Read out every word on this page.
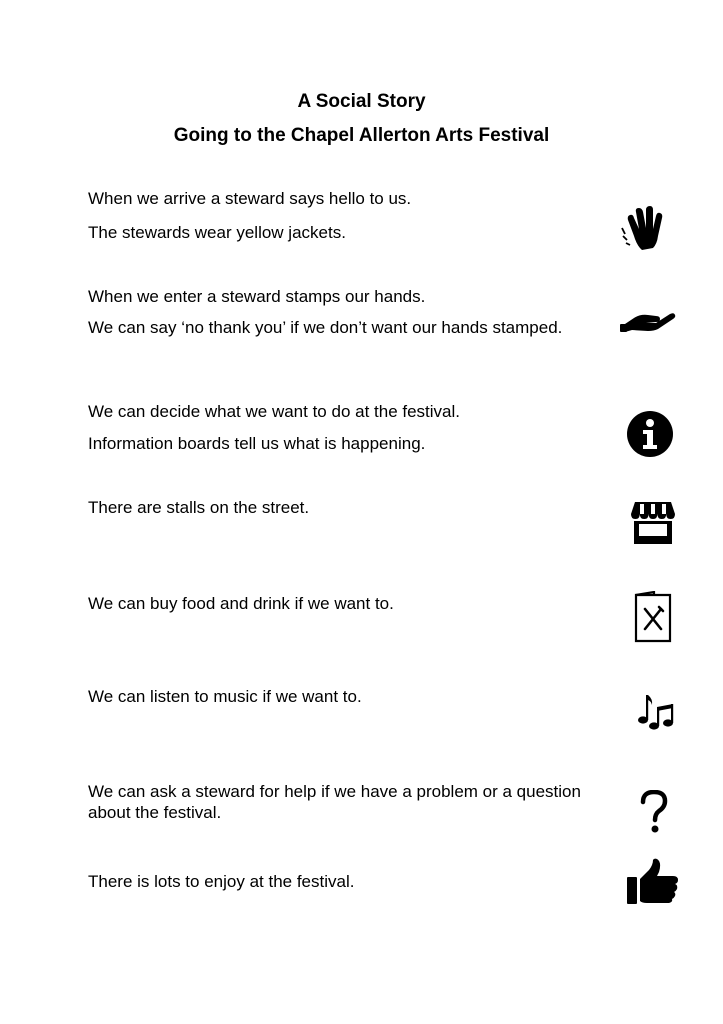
A Social Story
Going to the Chapel Allerton Arts Festival
When we arrive a steward says hello to us.
The stewards wear yellow jackets.
When we enter a steward stamps our hands.
We can say ‘no thank you’ if we don’t want our hands stamped.
We can decide what we want to do at the festival.
Information boards tell us what is happening.
There are stalls on the street.
We can buy food and drink if we want to.
We can listen to music if we want to.
We can ask a steward for help if we have a problem or a question about the festival.
There is lots to enjoy at the festival.
